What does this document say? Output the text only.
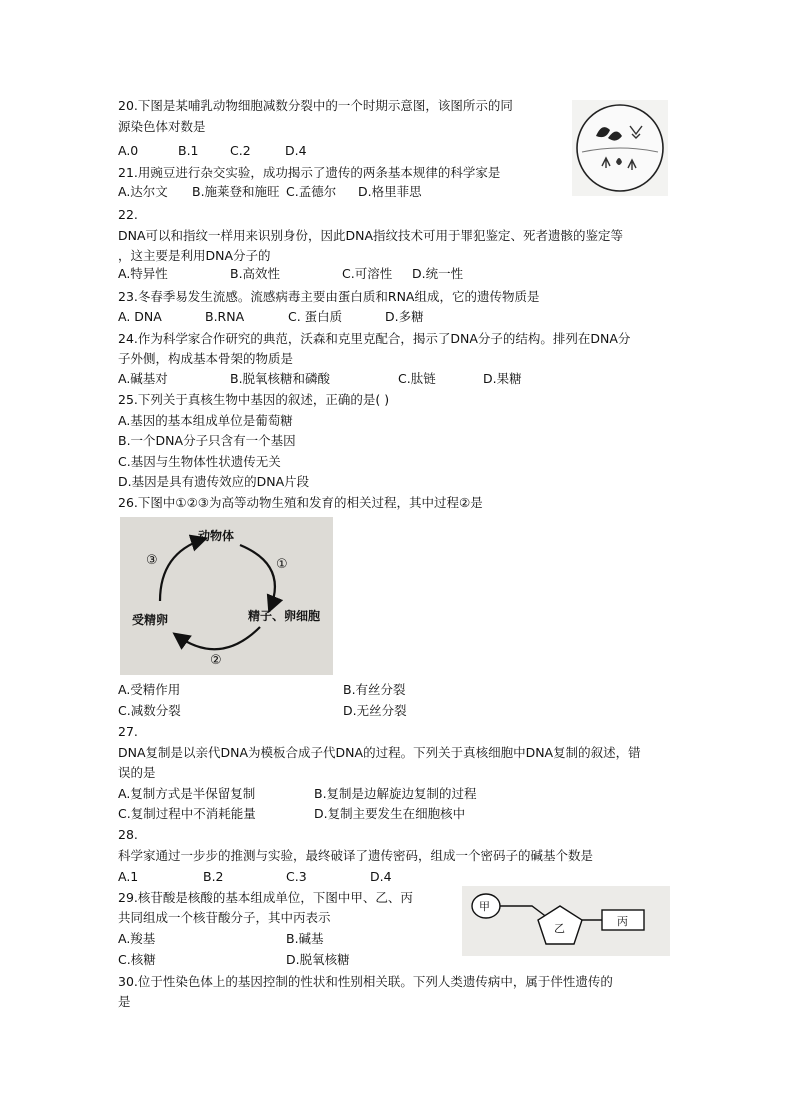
20.下图是某哺乳动物细胞减数分裂中的一个时期示意图，该图所示的同
源染色体对数是
A.0	B.1	C.2	D.4
21.用豌豆进行杂交实验，成功揭示了遗传的两条基本规律的科学家是
A.达尔文 B.施莱登和施旺 C.孟德尔 D.格里菲思
22.
DNA可以和指纹一样用来识别身份，因此DNA指纹技术可用于罪犯鉴定、死者遗骸的鉴定等
，这主要是利用DNA分子的
A.特异性	B.高效性	C.可溶性 D.统一性
23.冬春季易发生流感。流感病毒主要由蛋白质和RNA组成，它的遗传物质是
A. DNA	B.RNA	C. 蛋白质	D.多糖
24.作为科学家合作研究的典范，沃森和克里克配合，揭示了DNA分子的结构。排列在DNA分
子外侧，构成基本骨架的物质是
A.碱基对	B.脱氧核糖和磷酸	C.肽链	D.果糖
25.下列关于真核生物中基因的叙述，正确的是( )
A.基因的基本组成单位是葡萄糖
B.一个DNA分子只含有一个基因
C.基因与生物体性状遗传无关
D.基因是具有遗传效应的DNA片段
26.下图中①②③为高等动物生殖和发育的相关过程，其中过程②是
动物体
受精卵	精子、卵细胞
①
②
③
A.受精作用	B.有丝分裂
C.减数分裂	D.无丝分裂
27.
DNA复制是以亲代DNA为模板合成子代DNA的过程。下列关于真核细胞中DNA复制的叙述，错
误的是
A.复制方式是半保留复制	B.复制是边解旋边复制的过程
C.复制过程中不消耗能量	D.复制主要发生在细胞核中
28.
科学家通过一步步的推测与实验，最终破译了遗传密码，组成一个密码子的碱基个数是
A.1	B.2	C.3	D.4
29.核苷酸是核酸的基本组成单位，下图中甲、乙、丙
共同组成一个核苷酸分子，其中丙表示
A.羧基	B.碱基
C.核糖	D.脱氧核糖
甲
乙
丙
30.位于性染色体上的基因控制的性状和性别相关联。下列人类遗传病中，属于伴性遗传的
是
